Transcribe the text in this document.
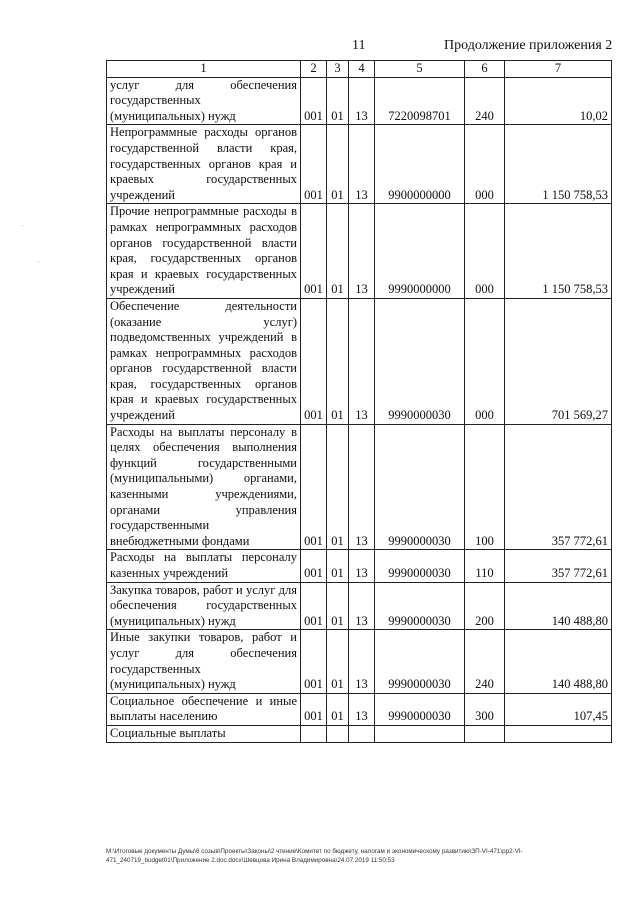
11	Продолжение приложения 2
.
.
1	2	3	4	5	6	7
услуг для обеспечения государственных (муниципальных) нужд	001	01	13	7220098701	240	10,02
Непрограммные расходы органов государственной власти края, государственных органов края и краевых государственных учреждений	001	01	13	9900000000	000	1 150 758,53
Прочие непрограммные расходы в рамках непрограммных расходов органов государственной власти края, государственных органов края и краевых государственных учреждений	001	01	13	9990000000	000	1 150 758,53
Обеспечение деятельности (оказание услуг) подведомственных учреждений в рамках непрограммных расходов органов государственной власти края, государственных органов края и краевых государственных учреждений	001	01	13	9990000030	000	701 569,27
Расходы на выплаты персоналу в целях обеспечения выполнения функций государственными (муниципальными) органами, казенными учреждениями, органами управления государственными внебюджетными фондами	001	01	13	9990000030	100	357 772,61
Расходы на выплаты персоналу казенных учреждений	001	01	13	9990000030	110	357 772,61
Закупка товаров, работ и услуг для обеспечения государственных (муниципальных) нужд	001	01	13	9990000030	200	140 488,80
Иные закупки товаров, работ и услуг для обеспечения государственных (муниципальных) нужд	001	01	13	9990000030	240	140 488,80
Социальное обеспечение и иные выплаты населению	001	01	13	9990000030	300	107,45
Социальные выплаты						
M:\Итоговые документы Думы\6 созыв\Проекты\Законы\2 чтение\Комитет по бюджету, налогам и экономическому развитию\ЗП-VI-471\pp2-VI-471_240719_budget01\Приложение 2.doc.docx\Шевцова Ирина Владимировна\24.07.2019 11:50:53
